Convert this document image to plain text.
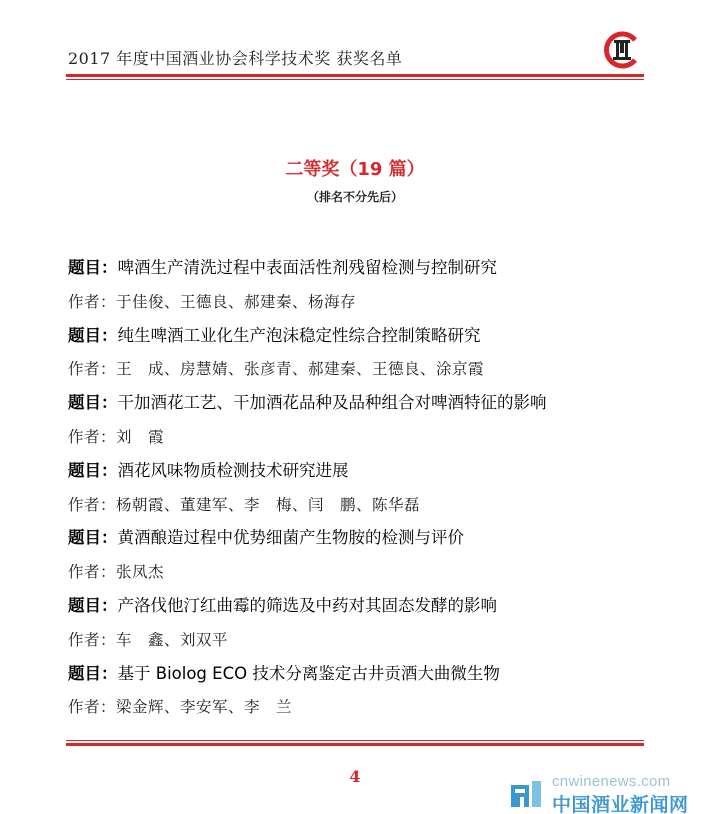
2017 年度中国酒业协会科学技术奖 获奖名单
二等奖（19 篇）
（排名不分先后）
题目：啤酒生产清洗过程中表面活性剂残留检测与控制研究
作者：于佳俊、王德良、郝建秦、杨海存
题目：纯生啤酒工业化生产泡沫稳定性综合控制策略研究
作者：王　成、房慧婧、张彦青、郝建秦、王德良、涂京霞
题目：干加酒花工艺、干加酒花品种及品种组合对啤酒特征的影响
作者：刘　霞
题目：酒花风味物质检测技术研究进展
作者：杨朝霞、董建军、李　梅、闫　鹏、陈华磊
题目：黄酒酿造过程中优势细菌产生物胺的检测与评价
作者：张凤杰
题目：产洛伐他汀红曲霉的筛选及中药对其固态发酵的影响
作者：车　鑫、刘双平
题目：基于 Biolog ECO 技术分离鉴定古井贡酒大曲微生物
作者：梁金辉、李安军、李　兰
4	cnwinenews.com
中国酒业新闻网
